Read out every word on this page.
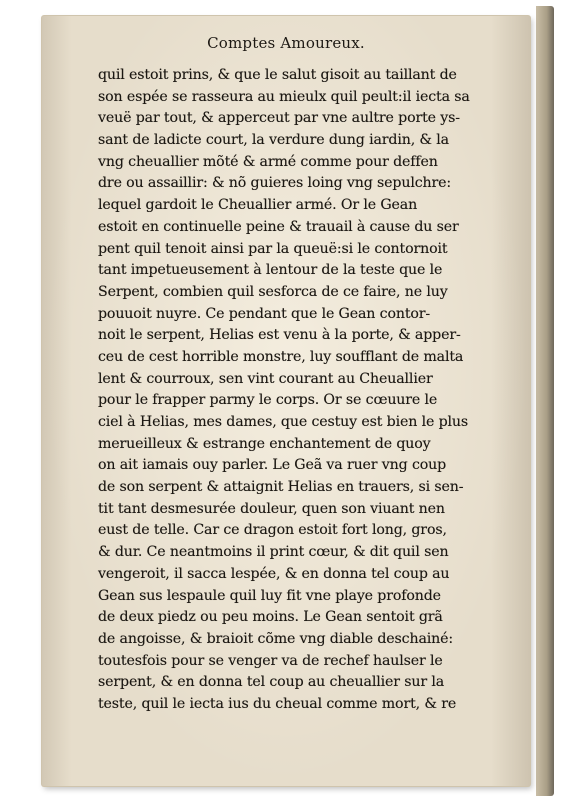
Comptes Amoureux.
quil estoit prins, & que le salut gisoit au taillant de
son espée se rasseura au mieulx quil peult:il iecta sa
veuë par tout, & apperceut par vne aultre porte ys-
sant de ladicte court, la verdure dung iardin, & la
vng cheuallier mõté & armé comme pour deffen
dre ou assaillir: & nõ guieres loing vng sepulchre:
lequel gardoit le Cheuallier armé. Or le Gean
estoit en continuelle peine & trauail à cause du ser
pent quil tenoit ainsi par la queuë:si le contornoit
tant impetueusement à lentour de la teste que le
Serpent, combien quil sesforca de ce faire, ne luy
pouuoit nuyre. Ce pendant que le Gean contor-
noit le serpent, Helias est venu à la porte, & apper-
ceu de cest horrible monstre, luy soufflant de malta
lent & courroux, sen vint courant au Cheuallier
pour le frapper parmy le corps. Or se cœuure le
ciel à Helias, mes dames, que cestuy est bien le plus
merueilleux & estrange enchantement de quoy
on ait iamais ouy parler. Le Geã va ruer vng coup
de son serpent & attaignit Helias en trauers, si sen-
tit tant desmesurée douleur, quen son viuant nen
eust de telle. Car ce dragon estoit fort long, gros,
& dur. Ce neantmoins il print cœur, & dit quil sen
vengeroit, il sacca lespée, & en donna tel coup au
Gean sus lespaule quil luy fit vne playe profonde
de deux piedz ou peu moins. Le Gean sentoit grã
de angoisse, & braioit cõme vng diable deschainé:
toutesfois pour se venger va de rechef haulser le
serpent, & en donna tel coup au cheuallier sur la
teste, quil le iecta ius du cheual comme mort, & re
